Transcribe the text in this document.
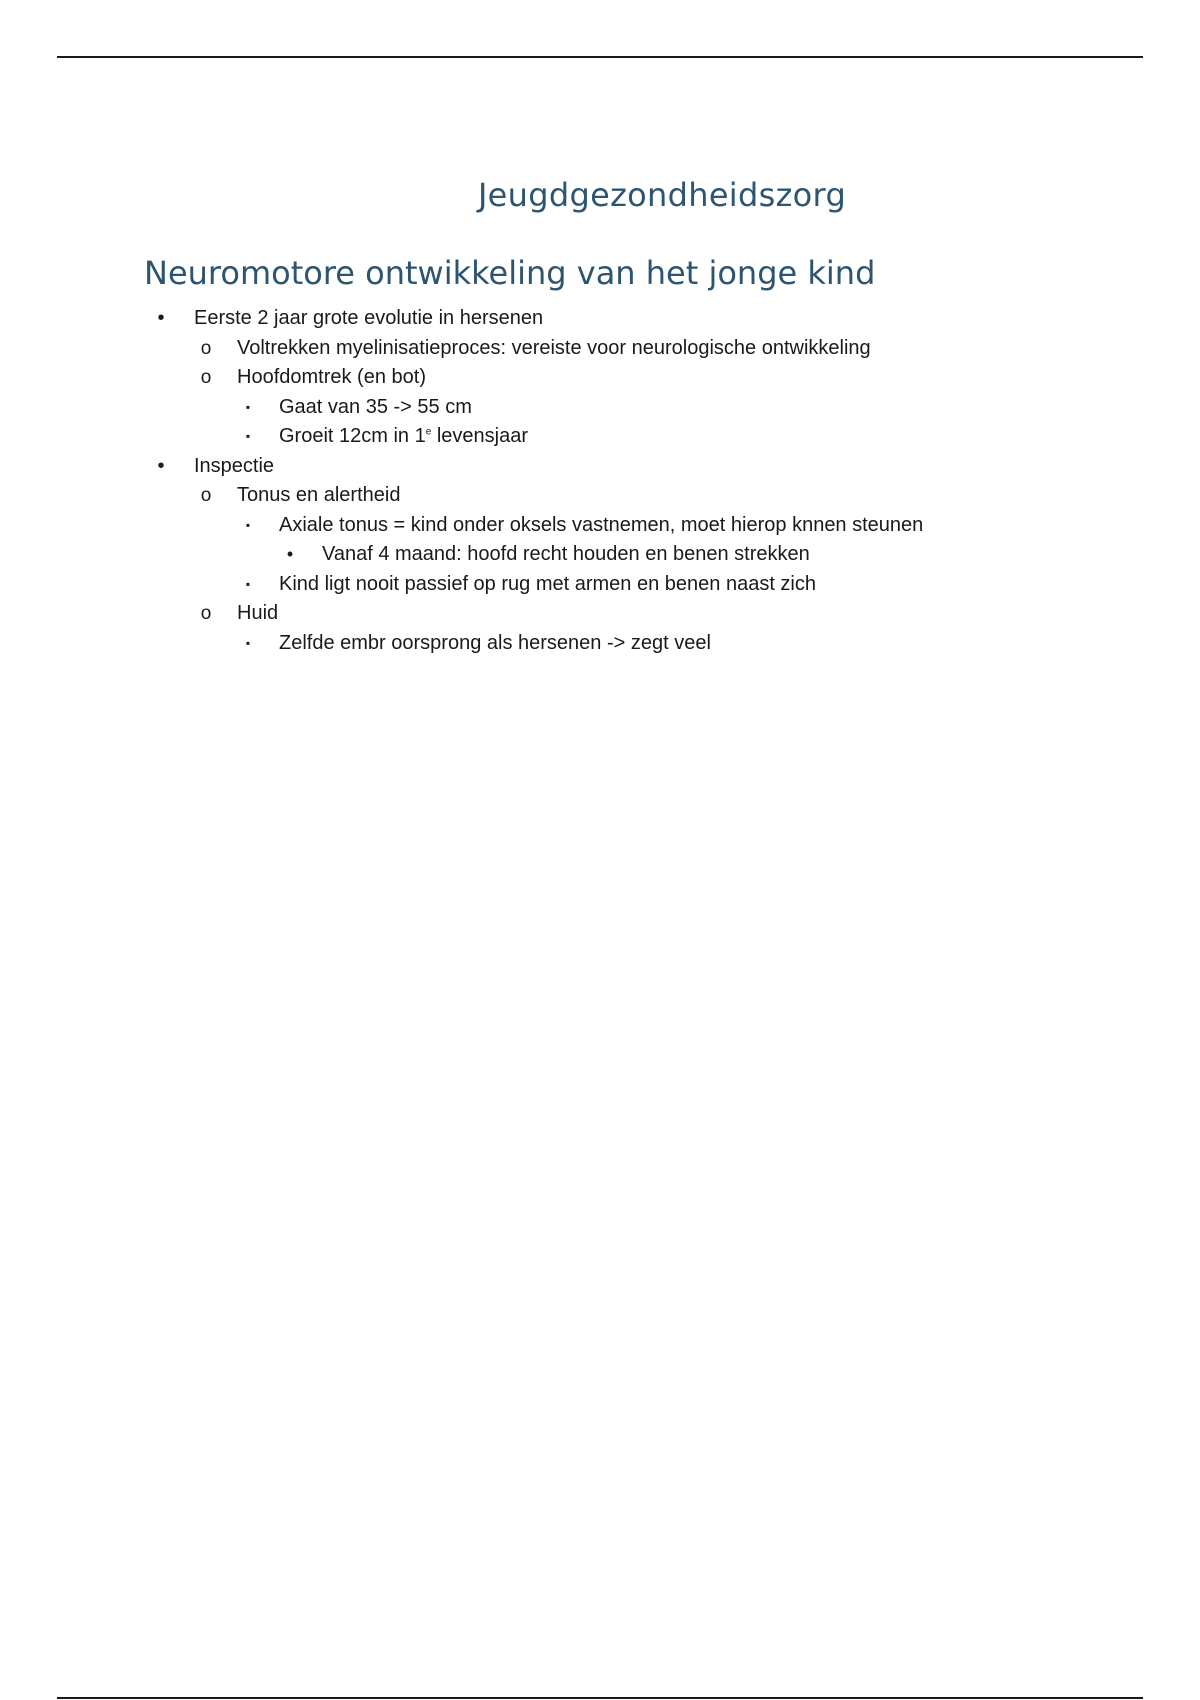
Jeugdgezondheidszorg
Neuromotore ontwikkeling van het jonge kind
•	Eerste 2 jaar grote evolutie in hersenen
o Voltrekken myelinisatieproces: vereiste voor neurologische ontwikkeling
o Hoofdomtrek (en bot)
▪	Gaat van 35 -> 55 cm
▪	Groeit 12cm in 1e levensjaar
•	Inspectie
o Tonus en alertheid
▪	Axiale tonus = kind onder oksels vastnemen, moet hierop knnen steunen
•	Vanaf 4 maand: hoofd recht houden en benen strekken
▪	Kind ligt nooit passief op rug met armen en benen naast zich
o Huid
▪	Zelfde embr oorsprong als hersenen -> zegt veel
